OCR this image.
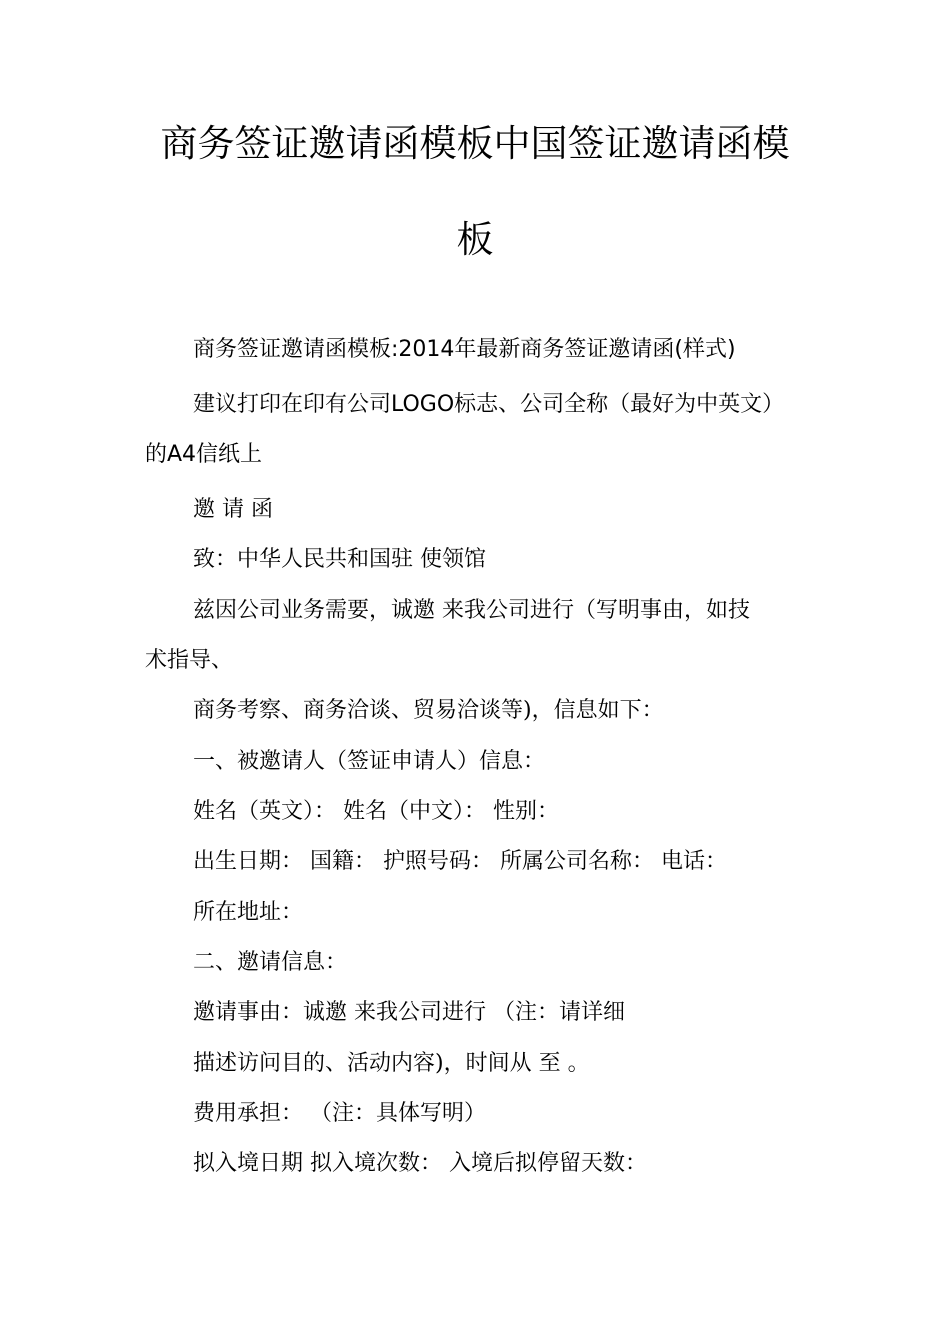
商务签证邀请函模板中国签证邀请函模
板
商务签证邀请函模板:2014年最新商务签证邀请函(样式)
建议打印在印有公司LOGO标志、公司全称（最好为中英文）
的A4信纸上
邀 请 函
致：中华人民共和国驻 使领馆
兹因公司业务需要，诚邀 来我公司进行（写明事由，如技
术指导、
商务考察、商务洽谈、贸易洽谈等)，信息如下：
一、被邀请人（签证申请人）信息：
姓名（英文）： 姓名（中文）： 性别：
出生日期： 国籍： 护照号码： 所属公司名称： 电话：
所在地址：
二、邀请信息：
邀请事由：诚邀 来我公司进行 （注：请详细
描述访问目的、活动内容)，时间从 至 。
费用承担： （注：具体写明）
拟入境日期 拟入境次数： 入境后拟停留天数：
